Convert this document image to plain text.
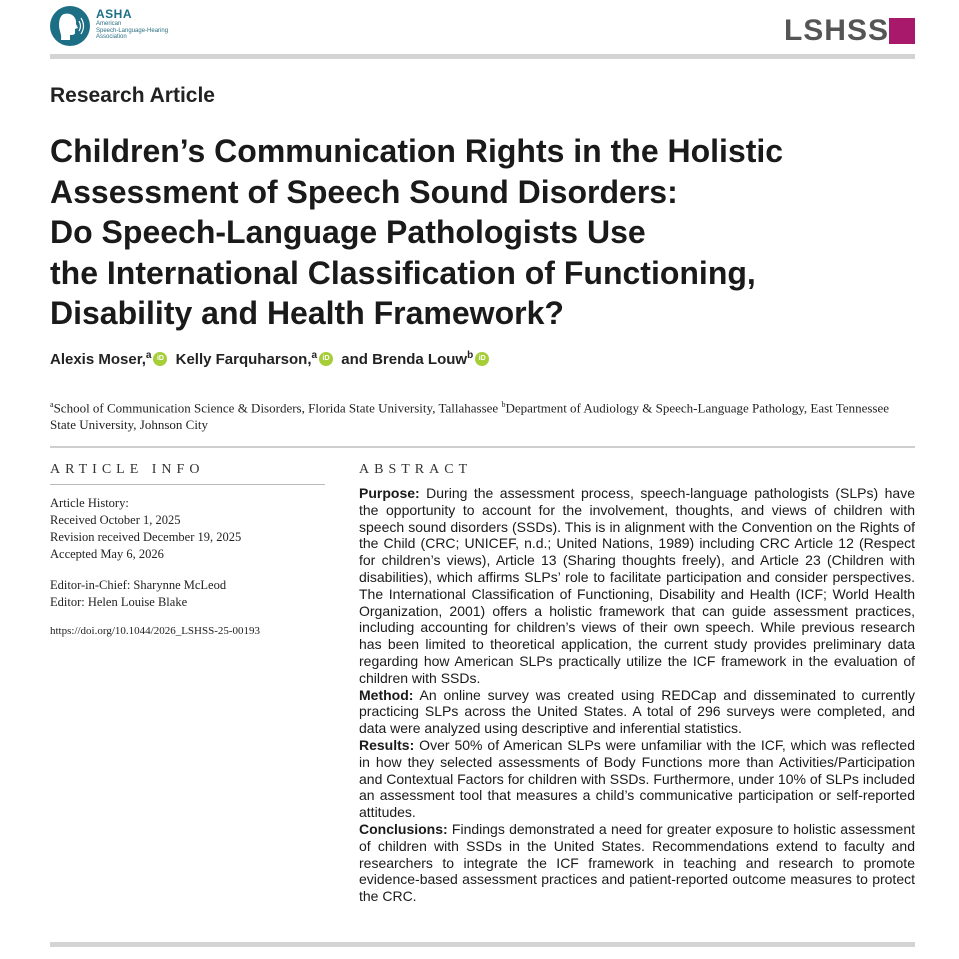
ASHA
American
Speech-Language-Hearing
Association	LSHSS
Research Article
Children’s Communication Rights in the Holistic
Assessment of Speech Sound Disorders:
Do Speech-Language Pathologists Use
the International Classification of Functioning,
Disability and Health Framework?
Alexis Moser,$^a$ iD Kelly Farquharson,$^a$ iD and Brenda Louw$^b$ iD
$^a$School of Communication Science & Disorders, Florida State University, Tallahassee $^b$Department of Audiology & Speech-Language Pathology, East Tennessee State University, Johnson City
ARTICLE INFO
Article History:
Received October 1, 2025
Revision received December 19, 2025
Accepted May 6, 2026
Editor-in-Chief: Sharynne McLeod
Editor: Helen Louise Blake
https://doi.org/10.1044/2026_LSHSS-25-00193
ABSTRACT

Purpose: During the assessment process, speech-language pathologists (SLPs) have the opportunity to account for the involvement, thoughts, and views of children with speech sound disorders (SSDs). This is in alignment with the Convention on the Rights of the Child (CRC; UNICEF, n.d.; United Nations, 1989) including CRC Article 12 (Respect for children’s views), Article 13 (Sharing thoughts freely), and Article 23 (Children with disabilities), which affirms SLPs’ role to facilitate participation and consider perspectives. The International Classification of Functioning, Disability and Health (ICF; World Health Organization, 2001) offers a holistic framework that can guide assessment practices, including accounting for children’s views of their own speech. While previous research has been limited to theoretical application, the current study provides preliminary data regarding how American SLPs practically utilize the ICF framework in the evaluation of children with SSDs.

Method: An online survey was created using REDCap and disseminated to currently practicing SLPs across the United States. A total of 296 surveys were completed, and data were analyzed using descriptive and inferential statistics.

Results: Over 50% of American SLPs were unfamiliar with the ICF, which was reflected in how they selected assessments of Body Functions more than Activities/Participation and Contextual Factors for children with SSDs. Furthermore, under 10% of SLPs included an assessment tool that measures a child’s communicative participation or self-reported attitudes.

Conclusions: Findings demonstrated a need for greater exposure to holistic assessment of children with SSDs in the United States. Recommendations extend to faculty and researchers to integrate the ICF framework in teaching and research to promote evidence-based assessment practices and patient-reported outcome measures to protect the CRC.
